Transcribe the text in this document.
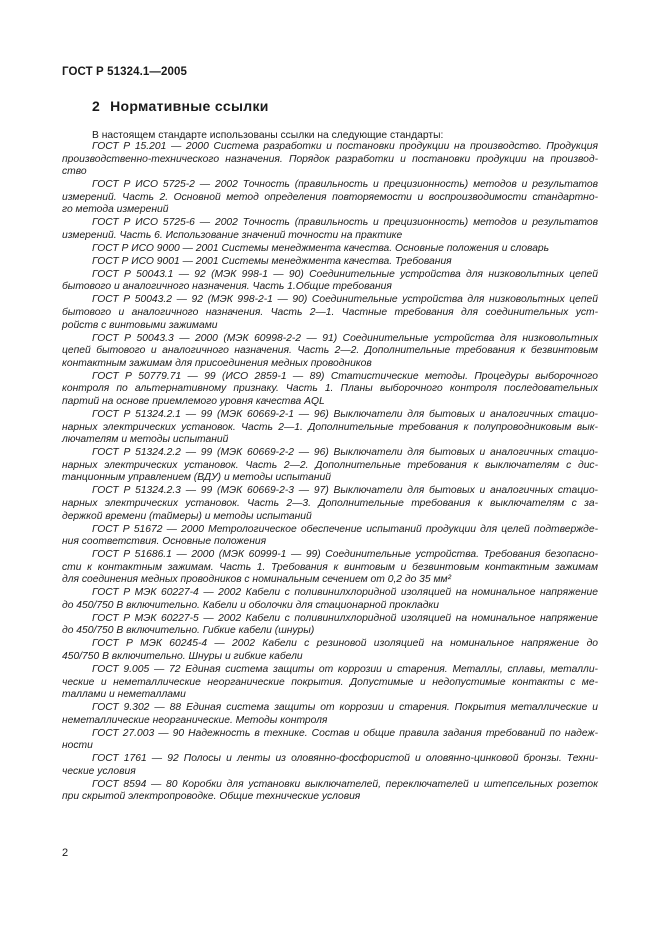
ГОСТ Р 51324.1—2005
2 Нормативные ссылки
В настоящем стандарте использованы ссылки на следующие стандарты:
ГОСТ Р 15.201 — 2000 Система разработки и постановки продукции на производство. Продукция
производственно-технического назначения. Порядок разработки и постановки продукции на производ-
ство
ГОСТ Р ИСО 5725-2 — 2002 Точность (правильность и прецизионность) методов и результатов
измерений. Часть 2. Основной метод определения повторяемости и воспроизводимости стандартно-
го метода измерений
ГОСТ Р ИСО 5725-6 — 2002 Точность (правильность и прецизионность) методов и результатов
измерений. Часть 6. Использование значений точности на практике
ГОСТ Р ИСО 9000 — 2001 Системы менеджмента качества. Основные положения и словарь
ГОСТ Р ИСО 9001 — 2001 Системы менеджмента качества. Требования
ГОСТ Р 50043.1 — 92 (МЭК 998-1 — 90) Соединительные устройства для низковольтных цепей
бытового и аналогичного назначения. Часть 1.Общие требования
ГОСТ Р 50043.2 — 92 (МЭК 998-2-1 — 90) Соединительные устройства для низковольтных цепей
бытового и аналогичного назначения. Часть 2—1. Частные требования для соединительных уст-
ройств с винтовыми зажимами
ГОСТ Р 50043.3 — 2000 (МЭК 60998-2-2 — 91) Соединительные устройства для низковольтных
цепей бытового и аналогичного назначения. Часть 2—2. Дополнительные требования к безвинтовым
контактным зажимам для присоединения медных проводников
ГОСТ Р 50779.71 — 99 (ИСО 2859-1 — 89) Статистические методы. Процедуры выборочного
контроля по альтернативному признаку. Часть 1. Планы выборочного контроля последовательных
партий на основе приемлемого уровня качества AQL
ГОСТ Р 51324.2.1 — 99 (МЭК 60669-2-1 — 96) Выключатели для бытовых и аналогичных стацио-
нарных электрических установок. Часть 2—1. Дополнительные требования к полупроводниковым вык-
лючателям и методы испытаний
ГОСТ Р 51324.2.2 — 99 (МЭК 60669-2-2 — 96) Выключатели для бытовых и аналогичных стацио-
нарных электрических установок. Часть 2—2. Дополнительные требования к выключателям с дис-
танционным управлением (ВДУ) и методы испытаний
ГОСТ Р 51324.2.3 — 99 (МЭК 60669-2-3 — 97) Выключатели для бытовых и аналогичных стацио-
нарных электрических установок. Часть 2—3. Дополнительные требования к выключателям с за-
держкой времени (таймеры) и методы испытаний
ГОСТ Р 51672 — 2000 Метрологическое обеспечение испытаний продукции для целей подтвержде-
ния соответствия. Основные положения
ГОСТ Р 51686.1 — 2000 (МЭК 60999-1 — 99) Соединительные устройства. Требования безопасно-
сти к контактным зажимам. Часть 1. Требования к винтовым и безвинтовым контактным зажимам
для соединения медных проводников с номинальным сечением от 0,2 до 35 мм²
ГОСТ Р МЭК 60227-4 — 2002 Кабели с поливинилхлоридной изоляцией на номинальное напряжение
до 450/750 В включительно. Кабели и оболочки для стационарной прокладки
ГОСТ Р МЭК 60227-5 — 2002 Кабели с поливинилхлоридной изоляцией на номинальное напряжение
до 450/750 В включительно. Гибкие кабели (шнуры)
ГОСТ Р МЭК 60245-4 — 2002 Кабели с резиновой изоляцией на номинальное напряжение до
450/750 В включительно. Шнуры и гибкие кабели
ГОСТ 9.005 — 72 Единая система защиты от коррозии и старения. Металлы, сплавы, металли-
ческие и неметаллические неорганические покрытия. Допустимые и недопустимые контакты с ме-
таллами и неметаллами
ГОСТ 9.302 — 88 Единая система защиты от коррозии и старения. Покрытия металлические и
неметаллические неорганические. Методы контроля
ГОСТ 27.003 — 90 Надежность в технике. Состав и общие правила задания требований по надеж-
ности
ГОСТ 1761 — 92 Полосы и ленты из оловянно-фосфористой и оловянно-цинковой бронзы. Техни-
ческие условия
ГОСТ 8594 — 80 Коробки для установки выключателей, переключателей и штепсельных розеток
при скрытой электропроводке. Общие технические условия
2
